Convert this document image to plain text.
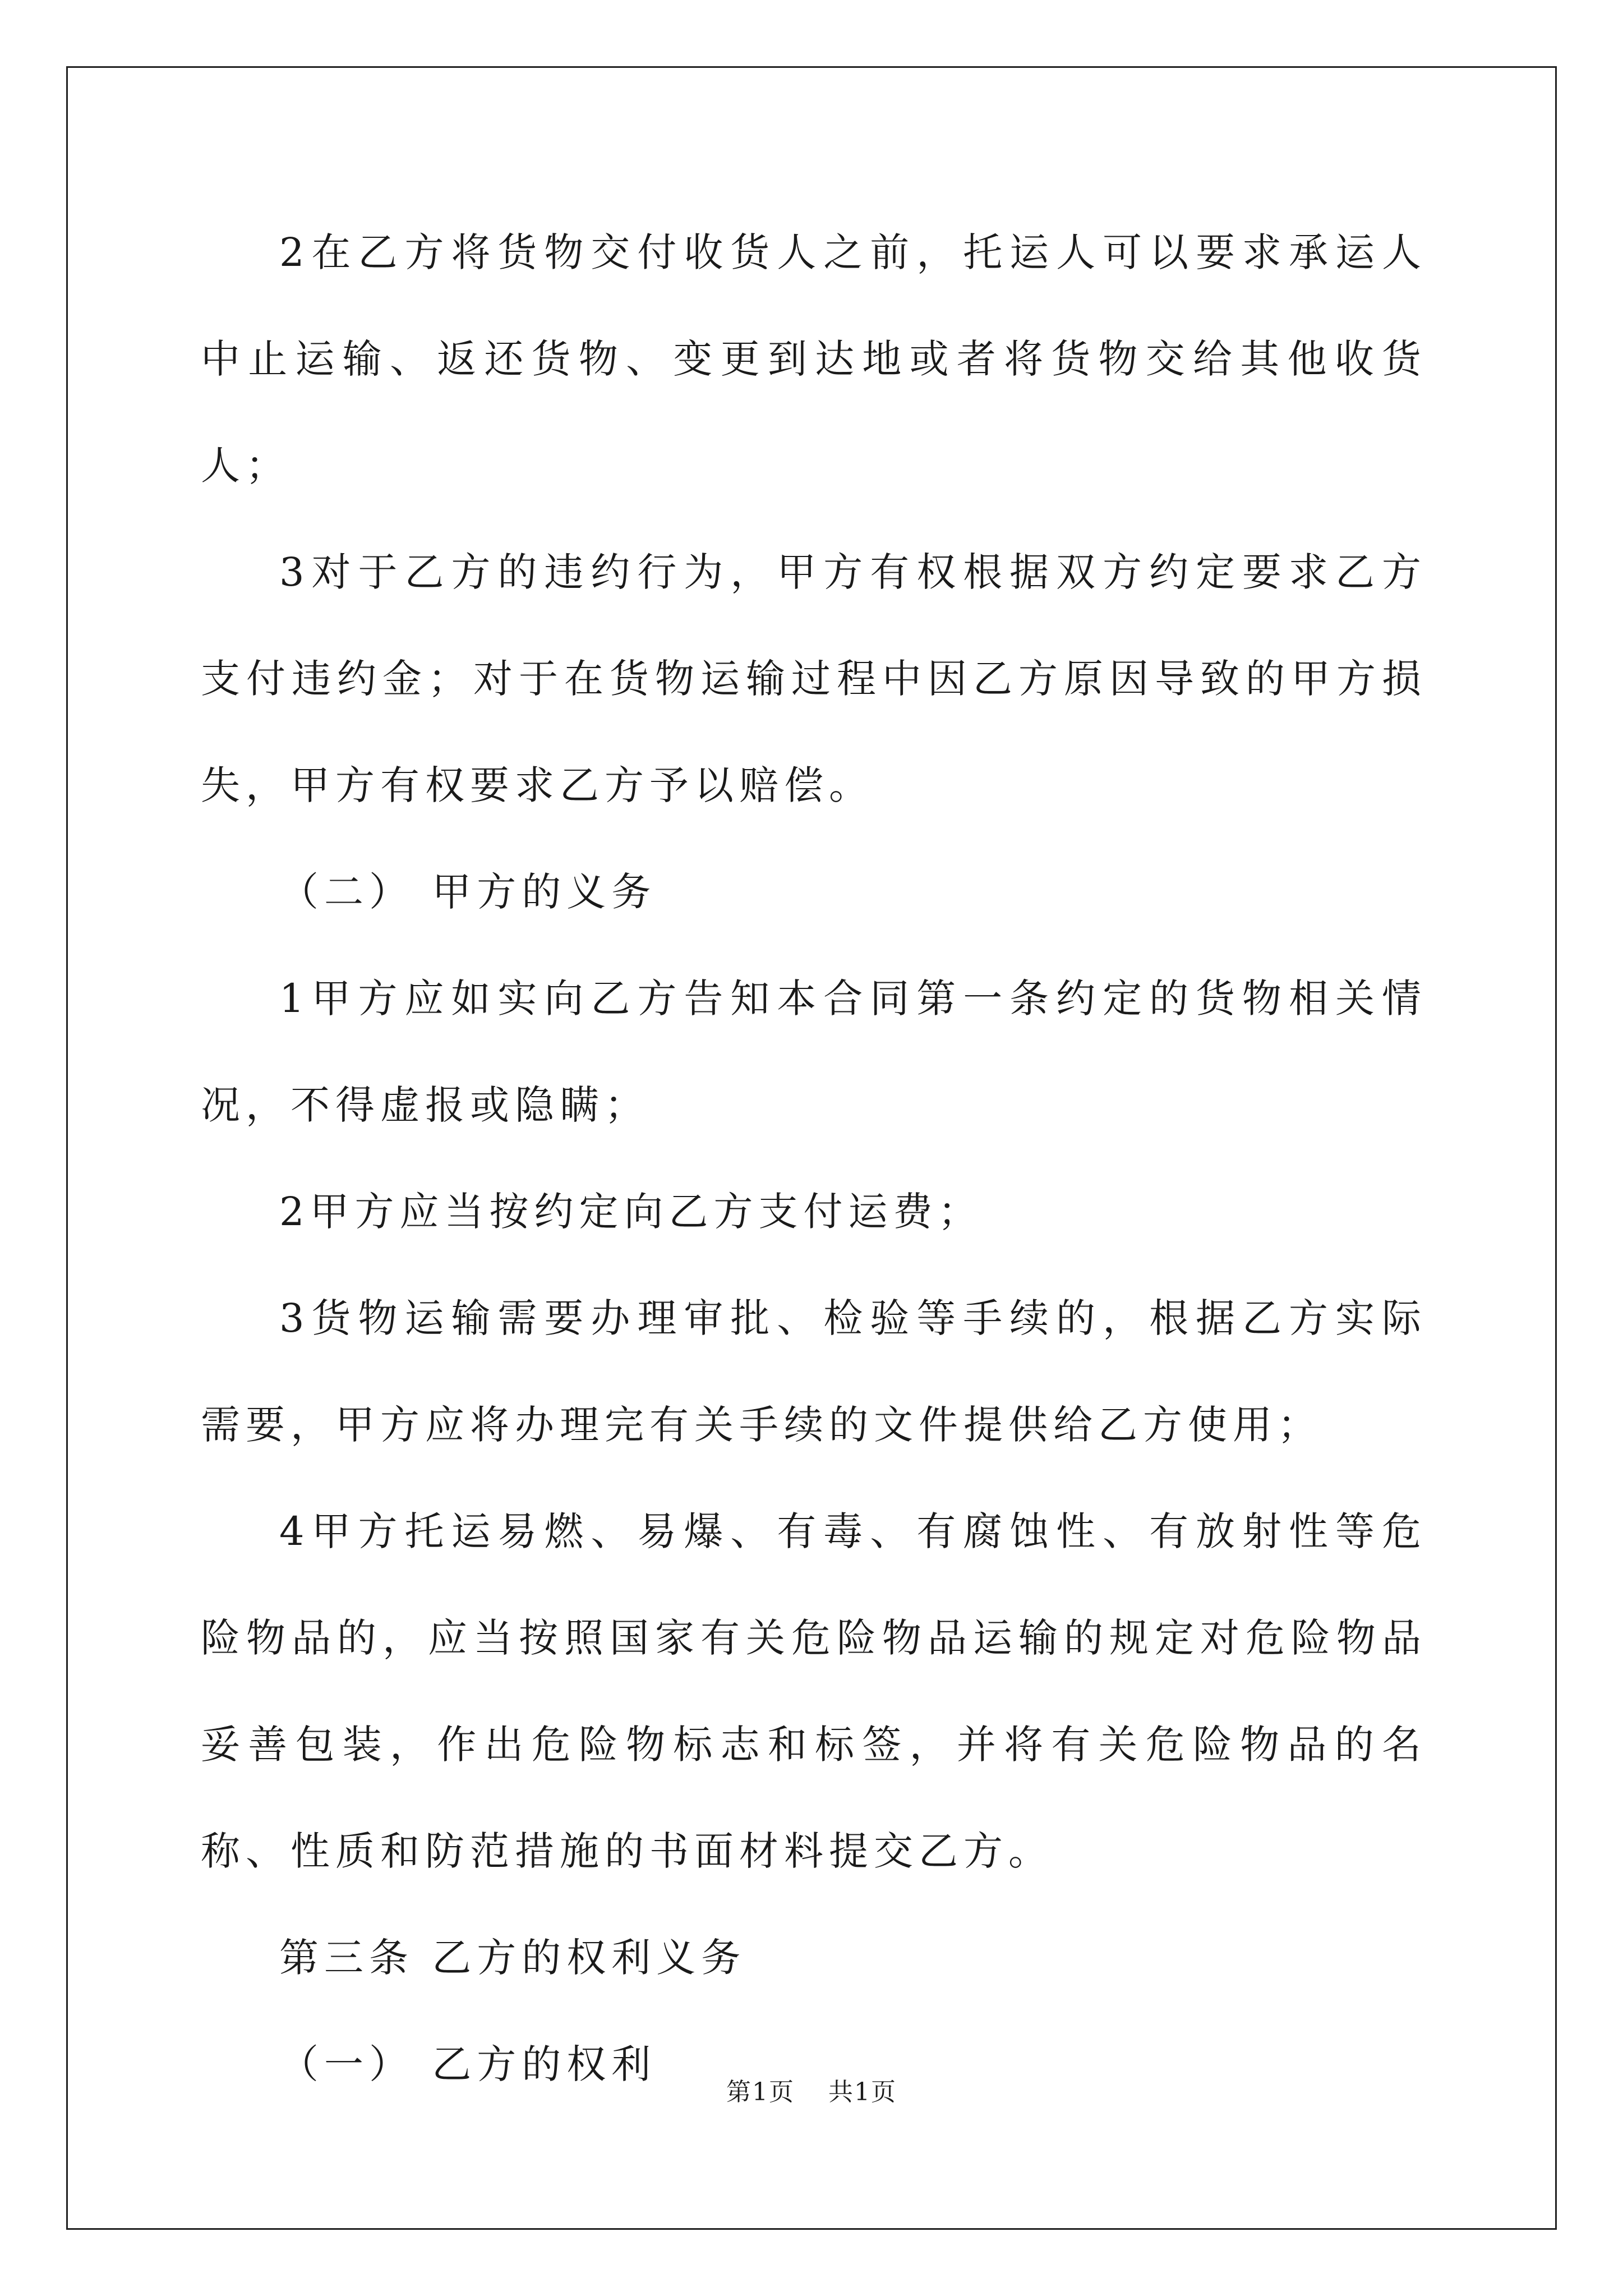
2在乙方将货物交付收货人之前，托运人可以要求承运人中止运输、返还货物、变更到达地或者将货物交给其他收货人；

3对于乙方的违约行为，甲方有权根据双方约定要求乙方支付违约金；对于在货物运输过程中因乙方原因导致的甲方损失，甲方有权要求乙方予以赔偿。

（二） 甲方的义务

1甲方应如实向乙方告知本合同第一条约定的货物相关情况，不得虚报或隐瞒；

2甲方应当按约定向乙方支付运费；

3货物运输需要办理审批、检验等手续的，根据乙方实际需要，甲方应将办理完有关手续的文件提供给乙方使用；

4甲方托运易燃、易爆、有毒、有腐蚀性、有放射性等危险物品的，应当按照国家有关危险物品运输的规定对危险物品妥善包装，作出危险物标志和标签，并将有关危险物品的名称、性质和防范措施的书面材料提交乙方。

第三条 乙方的权利义务

（一） 乙方的权利

第1页 共1页
